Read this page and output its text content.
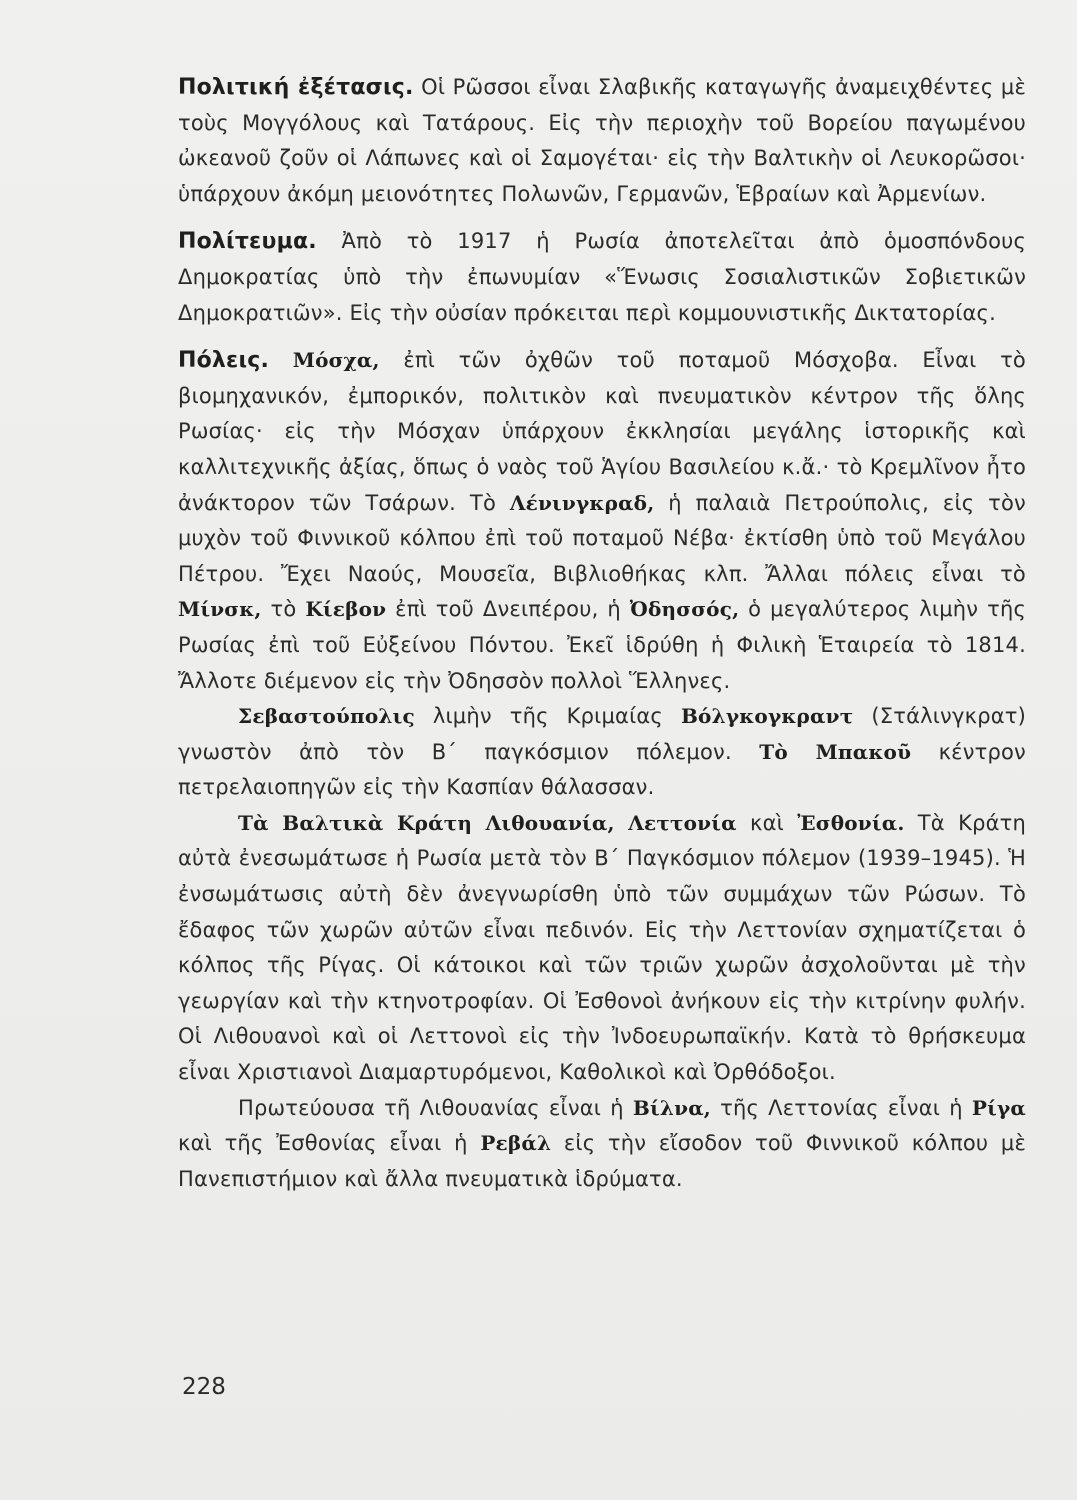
Πολιτική ἐξέτασις. Οἱ Ρῶσσοι εἶναι Σλαβικῆς καταγωγῆς ἀναμειχθέντες μὲ τοὺς Μογγόλους καὶ Τατάρους. Εἰς τὴν περιοχὴν τοῦ Βορείου παγωμένου ὠκεανοῦ ζοῦν οἱ Λάπωνες καὶ οἱ Σαμογέται· εἰς τὴν Βαλτικὴν οἱ Λευκορῶσοι· ὑπάρχουν ἀκόμη μειονότητες Πολωνῶν, Γερμανῶν, Ἑβραίων καὶ Ἀρμενίων.

Πολίτευμα. Ἀπὸ τὸ 1917 ἡ Ρωσία ἀποτελεῖται ἀπὸ ὁμοσπόνδους Δημοκρατίας ὑπὸ τὴν ἐπωνυμίαν «Ἕνωσις Σοσιαλιστικῶν Σοβιετικῶν Δημοκρατιῶν». Εἰς τὴν οὐσίαν πρόκειται περὶ κομμουνιστικῆς Δικτατορίας.

Πόλεις. Μόσχα, ἐπὶ τῶν ὀχθῶν τοῦ ποταμοῦ Μόσχοβα. Εἶναι τὸ βιομηχανικόν, ἐμπορικόν, πολιτικὸν καὶ πνευματικὸν κέντρον τῆς ὅλης Ρωσίας· εἰς τὴν Μόσχαν ὑπάρχουν ἐκκλησίαι μεγάλης ἱστορικῆς καὶ καλλιτεχνικῆς ἀξίας, ὅπως ὁ ναὸς τοῦ Ἁγίου Βασιλείου κ.ἄ.· τὸ Κρεμλῖνον ἦτο ἀνάκτορον τῶν Τσάρων. Τὸ Λένινγκραδ, ἡ παλαιὰ Πετρούπολις, εἰς τὸν μυχὸν τοῦ Φιννικοῦ κόλπου ἐπὶ τοῦ ποταμοῦ Νέβα· ἐκτίσθη ὑπὸ τοῦ Μεγάλου Πέτρου. Ἔχει Ναούς, Μουσεῖα, Βιβλιοθήκας κλπ. Ἄλλαι πόλεις εἶναι τὸ Μίνσκ, τὸ Κίεβον ἐπὶ τοῦ Δνειπέρου, ἡ Ὀδησσός, ὁ μεγαλύτερος λιμὴν τῆς Ρωσίας ἐπὶ τοῦ Εὐξείνου Πόντου. Ἐκεῖ ἱδρύθη ἡ Φιλικὴ Ἑταιρεία τὸ 1814. Ἄλλοτε διέμενον εἰς τὴν Ὀδησσὸν πολλοὶ Ἕλληνες.

Σεβαστούπολις λιμὴν τῆς Κριμαίας Βόλγκογκραντ (Στάλινγκρατ) γνωστὸν ἀπὸ τὸν Β΄ παγκόσμιον πόλεμον. Τὸ Μπακοῦ κέντρον πετρελαιοπηγῶν εἰς τὴν Κασπίαν θάλασσαν.

Τὰ Βαλτικὰ Κράτη Λιθουανία, Λεττονία καὶ Ἐσθονία. Τὰ Κράτη αὐτὰ ἐνεσωμάτωσε ἡ Ρωσία μετὰ τὸν Β΄ Παγκόσμιον πόλεμον (1939–1945). Ἡ ἐνσωμάτωσις αὐτὴ δὲν ἀνεγνωρίσθη ὑπὸ τῶν συμμάχων τῶν Ρώσων. Τὸ ἔδαφος τῶν χωρῶν αὐτῶν εἶναι πεδινόν. Εἰς τὴν Λεττονίαν σχηματίζεται ὁ κόλπος τῆς Ρίγας. Οἱ κάτοικοι καὶ τῶν τριῶν χωρῶν ἀσχολοῦνται μὲ τὴν γεωργίαν καὶ τὴν κτηνοτροφίαν. Οἱ Ἐσθονοὶ ἀνήκουν εἰς τὴν κιτρίνην φυλήν. Οἱ Λιθουανοὶ καὶ οἱ Λεττονοὶ εἰς τὴν Ἰνδοευρωπαϊκήν. Κατὰ τὸ θρήσκευμα εἶναι Χριστιανοὶ Διαμαρτυρόμενοι, Καθολικοὶ καὶ Ὀρθόδοξοι.

Πρωτεύουσα τῆ Λιθουανίας εἶναι ἡ Βίλνα, τῆς Λεττονίας εἶναι ἡ Ρίγα καὶ τῆς Ἐσθονίας εἶναι ἡ Ρεβάλ εἰς τὴν εἴσοδον τοῦ Φιννικοῦ κόλπου μὲ Πανεπιστήμιον καὶ ἄλλα πνευματικὰ ἱδρύματα.

228
